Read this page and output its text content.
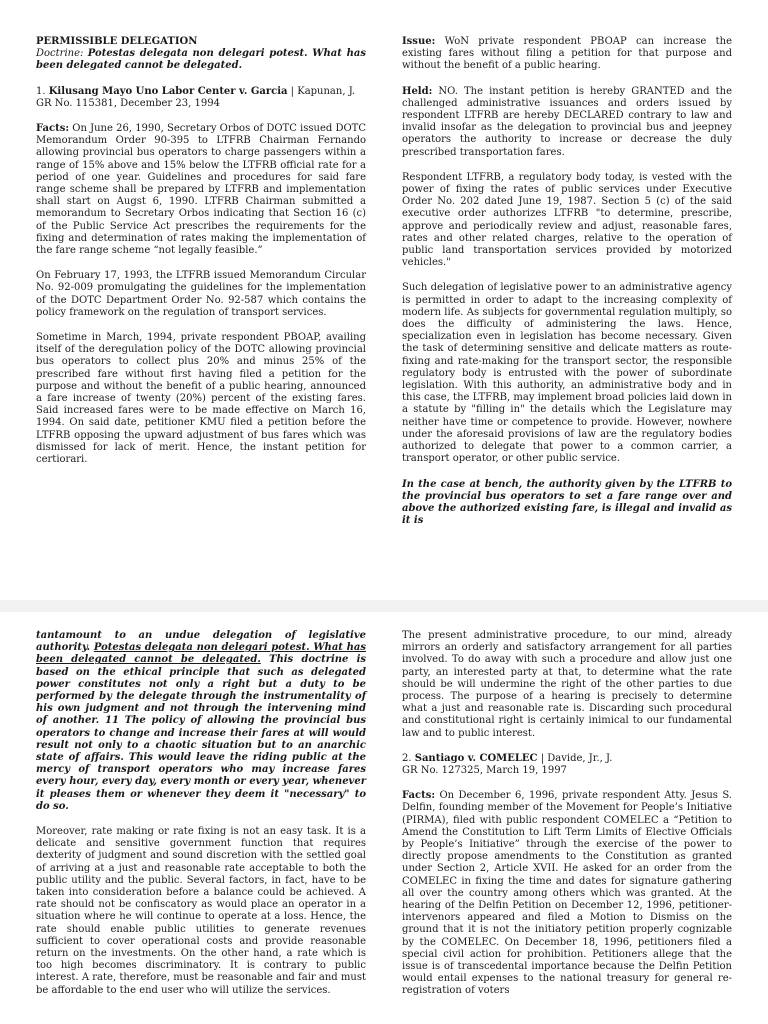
PERMISSIBLE DELEGATION
Doctrine: Potestas delegata non delegari potest. What has been delegated cannot be delegated.

1. Kilusang Mayo Uno Labor Center v. Garcia | Kapunan, J.

GR No. 115381, December 23, 1994

Facts: On June 26, 1990, Secretary Orbos of DOTC issued DOTC Memorandum Order 90-395 to LTFRB Chairman Fernando allowing provincial bus operators to charge passengers within a range of 15% above and 15% below the LTFRB official rate for a period of one year. Guidelines and procedures for said fare range scheme shall be prepared by LTFRB and implementation shall start on Augst 6, 1990. LTFRB Chairman submitted a memorandum to Secretary Orbos indicating that Section 16 (c) of the Public Service Act prescribes the requirements for the fixing and determination of rates making the implementation of the fare range scheme “not legally feasible.”

On February 17, 1993, the LTFRB issued Memorandum Circular No. 92-009 promulgating the guidelines for the implementation of the DOTC Department Order No. 92-587 which contains the policy framework on the regulation of transport services.

Sometime in March, 1994, private respondent PBOAP, availing itself of the deregulation policy of the DOTC allowing provincial bus operators to collect plus 20% and minus 25% of the prescribed fare without first having filed a petition for the purpose and without the benefit of a public hearing, announced a fare increase of twenty (20%) percent of the existing fares. Said increased fares were to be made effective on March 16, 1994. On said date, petitioner KMU filed a petition before the LTFRB opposing the upward adjustment of bus fares which was dismissed for lack of merit. Hence, the instant petition for certiorari.

Issue: WoN private respondent PBOAP can increase the existing fares without filing a petition for that purpose and without the benefit of a public hearing.

Held: NO. The instant petition is hereby GRANTED and the challenged administrative issuances and orders issued by respondent LTFRB are hereby DECLARED contrary to law and invalid insofar as the delegation to provincial bus and jeepney operators the authority to increase or decrease the duly prescribed transportation fares.

Respondent LTFRB, a regulatory body today, is vested with the power of fixing the rates of public services under Executive Order No. 202 dated June 19, 1987. Section 5 (c) of the said executive order authorizes LTFRB "to determine, prescribe, approve and periodically review and adjust, reasonable fares, rates and other related charges, relative to the operation of public land transportation services provided by motorized vehicles."

Such delegation of legislative power to an administrative agency is permitted in order to adapt to the increasing complexity of modern life. As subjects for governmental regulation multiply, so does the difficulty of administering the laws. Hence, specialization even in legislation has become necessary. Given the task of determining sensitive and delicate matters as route-fixing and rate-making for the transport sector, the responsible regulatory body is entrusted with the power of subordinate legislation. With this authority, an administrative body and in this case, the LTFRB, may implement broad policies laid down in a statute by "filling in" the details which the Legislature may neither have time or competence to provide. However, nowhere under the aforesaid provisions of law are the regulatory bodies authorized to delegate that power to a common carrier, a transport operator, or other public service.

In the case at bench, the authority given by the LTFRB to the provincial bus operators to set a fare range over and above the authorized existing fare, is illegal and invalid as it is

tantamount to an undue delegation of legislative authority. Potestas delegata non delegari potest. What has been delegated cannot be delegated. This doctrine is based on the ethical principle that such as delegated power constitutes not only a right but a duty to be performed by the delegate through the instrumentality of his own judgment and not through the intervening mind of another. 11 The policy of allowing the provincial bus operators to change and increase their fares at will would result not only to a chaotic situation but to an anarchic state of affairs. This would leave the riding public at the mercy of transport operators who may increase fares every hour, every day, every month or every year, whenever it pleases them or whenever they deem it "necessary" to do so.

Moreover, rate making or rate fixing is not an easy task. It is a delicate and sensitive government function that requires dexterity of judgment and sound discretion with the settled goal of arriving at a just and reasonable rate acceptable to both the public utility and the public. Several factors, in fact, have to be taken into consideration before a balance could be achieved. A rate should not be confiscatory as would place an operator in a situation where he will continue to operate at a loss. Hence, the rate should enable public utilities to generate revenues sufficient to cover operational costs and provide reasonable return on the investments. On the other hand, a rate which is too high becomes discriminatory. It is contrary to public interest. A rate, therefore, must be reasonable and fair and must be affordable to the end user who will utilize the services.

The present administrative procedure, to our mind, already mirrors an orderly and satisfactory arrangement for all parties involved. To do away with such a procedure and allow just one party, an interested party at that, to determine what the rate should be will undermine the right of the other parties to due process. The purpose of a hearing is precisely to determine what a just and reasonable rate is. Discarding such procedural and constitutional right is certainly inimical to our fundamental law and to public interest.

2. Santiago v. COMELEC | Davide, Jr., J.

GR No. 127325, March 19, 1997

Facts: On December 6, 1996, private respondent Atty. Jesus S. Delfin, founding member of the Movement for People’s Initiative (PIRMA), filed with public respondent COMELEC a “Petition to Amend the Constitution to Lift Term Limits of Elective Officials by People’s Initiative” through the exercise of the power to directly propose amendments to the Constitution as granted under Section 2, Article XVII. He asked for an order from the COMELEC in fixing the time and dates for signature gathering all over the country among others which was granted. At the hearing of the Delfin Petition on December 12, 1996, petitioner-intervenors appeared and filed a Motion to Dismiss on the ground that it is not the initiatory petition properly cognizable by the COMELEC. On December 18, 1996, petitioners filed a special civil action for prohibition. Petitioners allege that the issue is of transcedental importance because the Delfin Petition would entail expenses to the national treasury for general re-registration of voters
